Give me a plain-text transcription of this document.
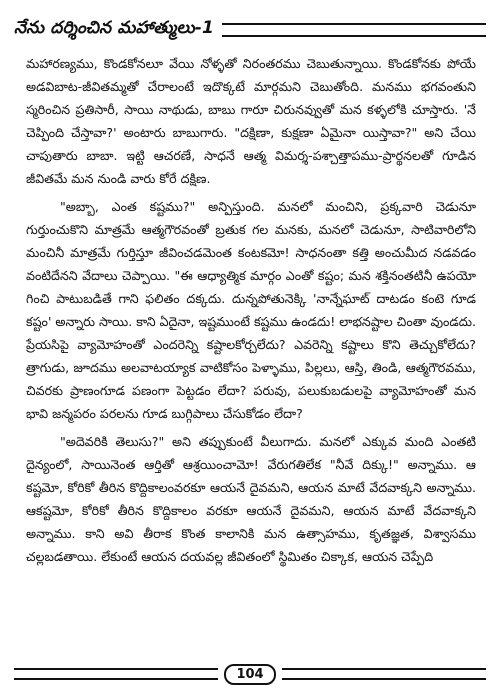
నేను దర్శించిన మహాత్ములు-1

మహారణ్యము, కొండకోనలూ వేయి నోళ్ళతో నిరంతరము చెబుతున్నాయి. కొండకోనకు పోయే అడవిబాట-జీవితమ్మతో చేరాలంటే ఇదొక్కటే మార్గమని చెబుతోంది. మనము భగవంతుని స్మరించిన ప్రతిసారీ, సాయి నాథుడు, బాబు గారూ చిరునవ్వుతో మన కళ్ళలోకి చూస్తారు. 'నే చెప్పింది చేస్తావా?' అంటారు బాబుగారు. "దక్షిణా, కుక్షణా ఏమైనా యిస్తావా?" అని చేయి చాపుతారు బాబా. ఇట్టి ఆచరణే, సాధనే ఆత్మ విమర్శ-పశ్చాత్తాపము-ప్రార్థనలతో గూడిన జీవితమే మన నుండి వారు కోరే దక్షిణ.

"అబ్బా, ఎంత కష్టము?" అన్పిస్తుంది. మనలో మంచిని, ప్రక్కవారి చెడునూ గుర్తుంచుకొని మాత్రమే ఆత్మగౌరవంతో బ్రతుక గల మనకు, మనలో చెడునూ, సాటివారిలోని మంచినీ మాత్రమే గుర్తిస్తూ జీవించడమెంత కంటకమో! సాధనంతా కత్తి అంచుమీద నడవడం వంటిదేనని వేదాలు చెప్పాయి. "ఈ ఆధ్యాత్మిక మార్గం ఎంతో కష్టం; మన శక్తినంతటినీ ఉపయో గించి పాటుబడితే గాని ఫలితం దక్కదు. దున్నపోతునెక్కి 'నాన్నేఘాట్ దాటడం కంటె గూడ కష్టం' అన్నారు సాయి. కాని ఏదైనా, ఇష్టముంటే కష్టము ఉండదు! లాభనష్టాల చింతా వుండదు. ప్రేయసిపై వ్యామోహంతో ఎందరెన్ని కష్టాలకోర్చలేదు? ఎవరెన్ని కష్టాలు కొని తెచ్చుకోలేదు? త్రాగుడు, జూదము అలవాటయ్యాక వాటికోసం పెళ్ళాము, పిల్లలు, ఆస్తి, తిండి, ఆత్మగౌరవము, చివరకు ప్రాణంగూడ పణంగా పెట్టడం లేదా? పరువు, పలుకుబడులపై వ్యామోహంతో మన భావి జన్మపరం పరలను గూడ బుగ్గిపాలు చేసుకోడం లేదా?

"అదెవరికి తెలుసు?" అని తప్పుకుంటే వీలుగాదు. మనలో ఎక్కువ మంది ఎంతటి దైన్యంలో, సాయినెంత ఆర్తితో ఆశ్రయించామో! వేరుగతిలేక "నీవే దిక్కు!" అన్నాము. ఆ కష్టమో, కోరికో తీరిన కొద్దికాలంవరకూ ఆయనే దైవమని, ఆయన మాటే వేదవాక్కని అన్నాము. ఆకష్టమో, కోరికో తీరిన కొద్దికాలం వరకూ ఆయనే దైవమని, ఆయన మాటే వేదవాక్కని అన్నాము. కాని అవి తీరాక కొంత కాలానికి మన ఉత్సాహము, కృతజ్ఞత, విశ్వాసము చల్లబడతాయి. లేకుంటే ఆయన దయవల్ల జీవితంలో స్థిమితం చిక్కాక, ఆయన చెప్పేది

104
